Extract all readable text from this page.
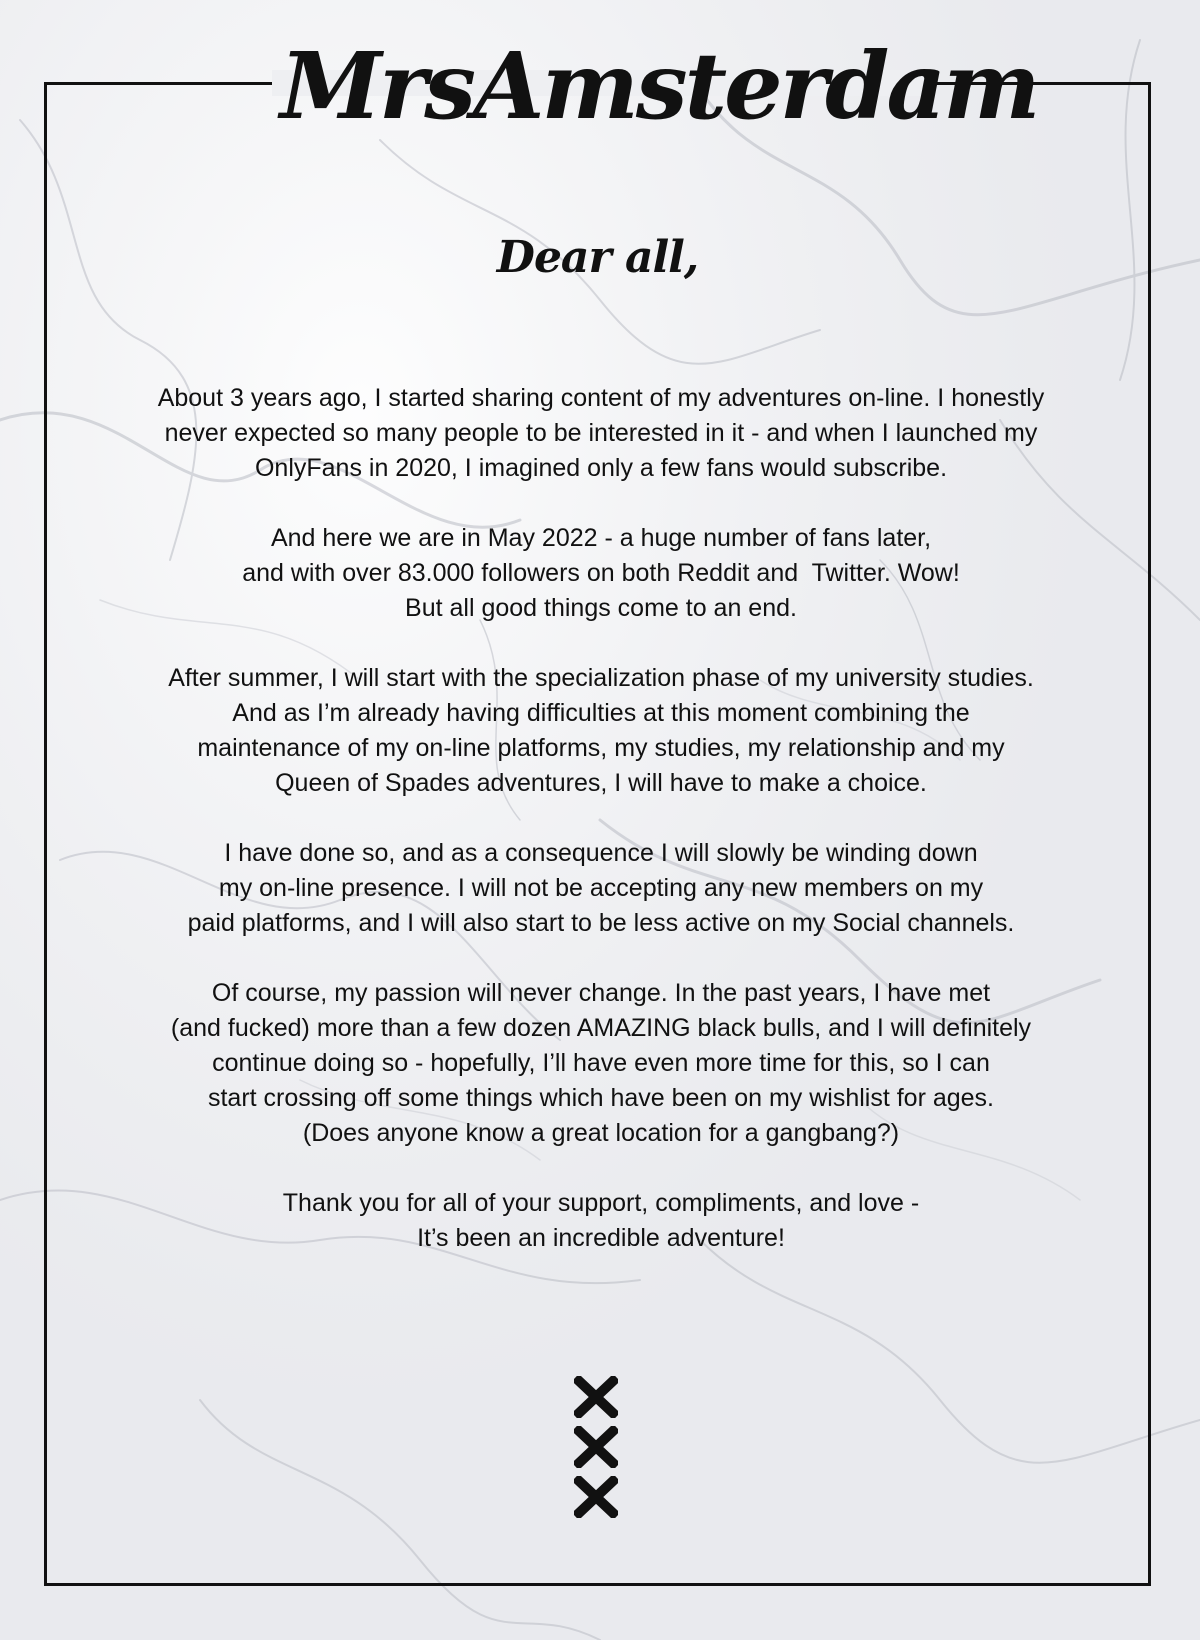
MrsAmsterdam
Dear all,

About 3 years ago, I started sharing content of my adventures on-line. I honestly
never expected so many people to be interested in it - and when I launched my
OnlyFans in 2020, I imagined only a few fans would subscribe.

And here we are in May 2022 - a huge number of fans later,
and with over 83.000 followers on both Reddit and  Twitter. Wow!
But all good things come to an end.

After summer, I will start with the specialization phase of my university studies.
And as I’m already having difficulties at this moment combining the
maintenance of my on-line platforms, my studies, my relationship and my
Queen of Spades adventures, I will have to make a choice.

I have done so, and as a consequence I will slowly be winding down
my on-line presence. I will not be accepting any new members on my
paid platforms, and I will also start to be less active on my Social channels.

Of course, my passion will never change. In the past years, I have met
(and fucked) more than a few dozen AMAZING black bulls, and I will definitely
continue doing so - hopefully, I’ll have even more time for this, so I can
start crossing off some things which have been on my wishlist for ages.
(Does anyone know a great location for a gangbang?)

Thank you for all of your support, compliments, and love -
It’s been an incredible adventure!
